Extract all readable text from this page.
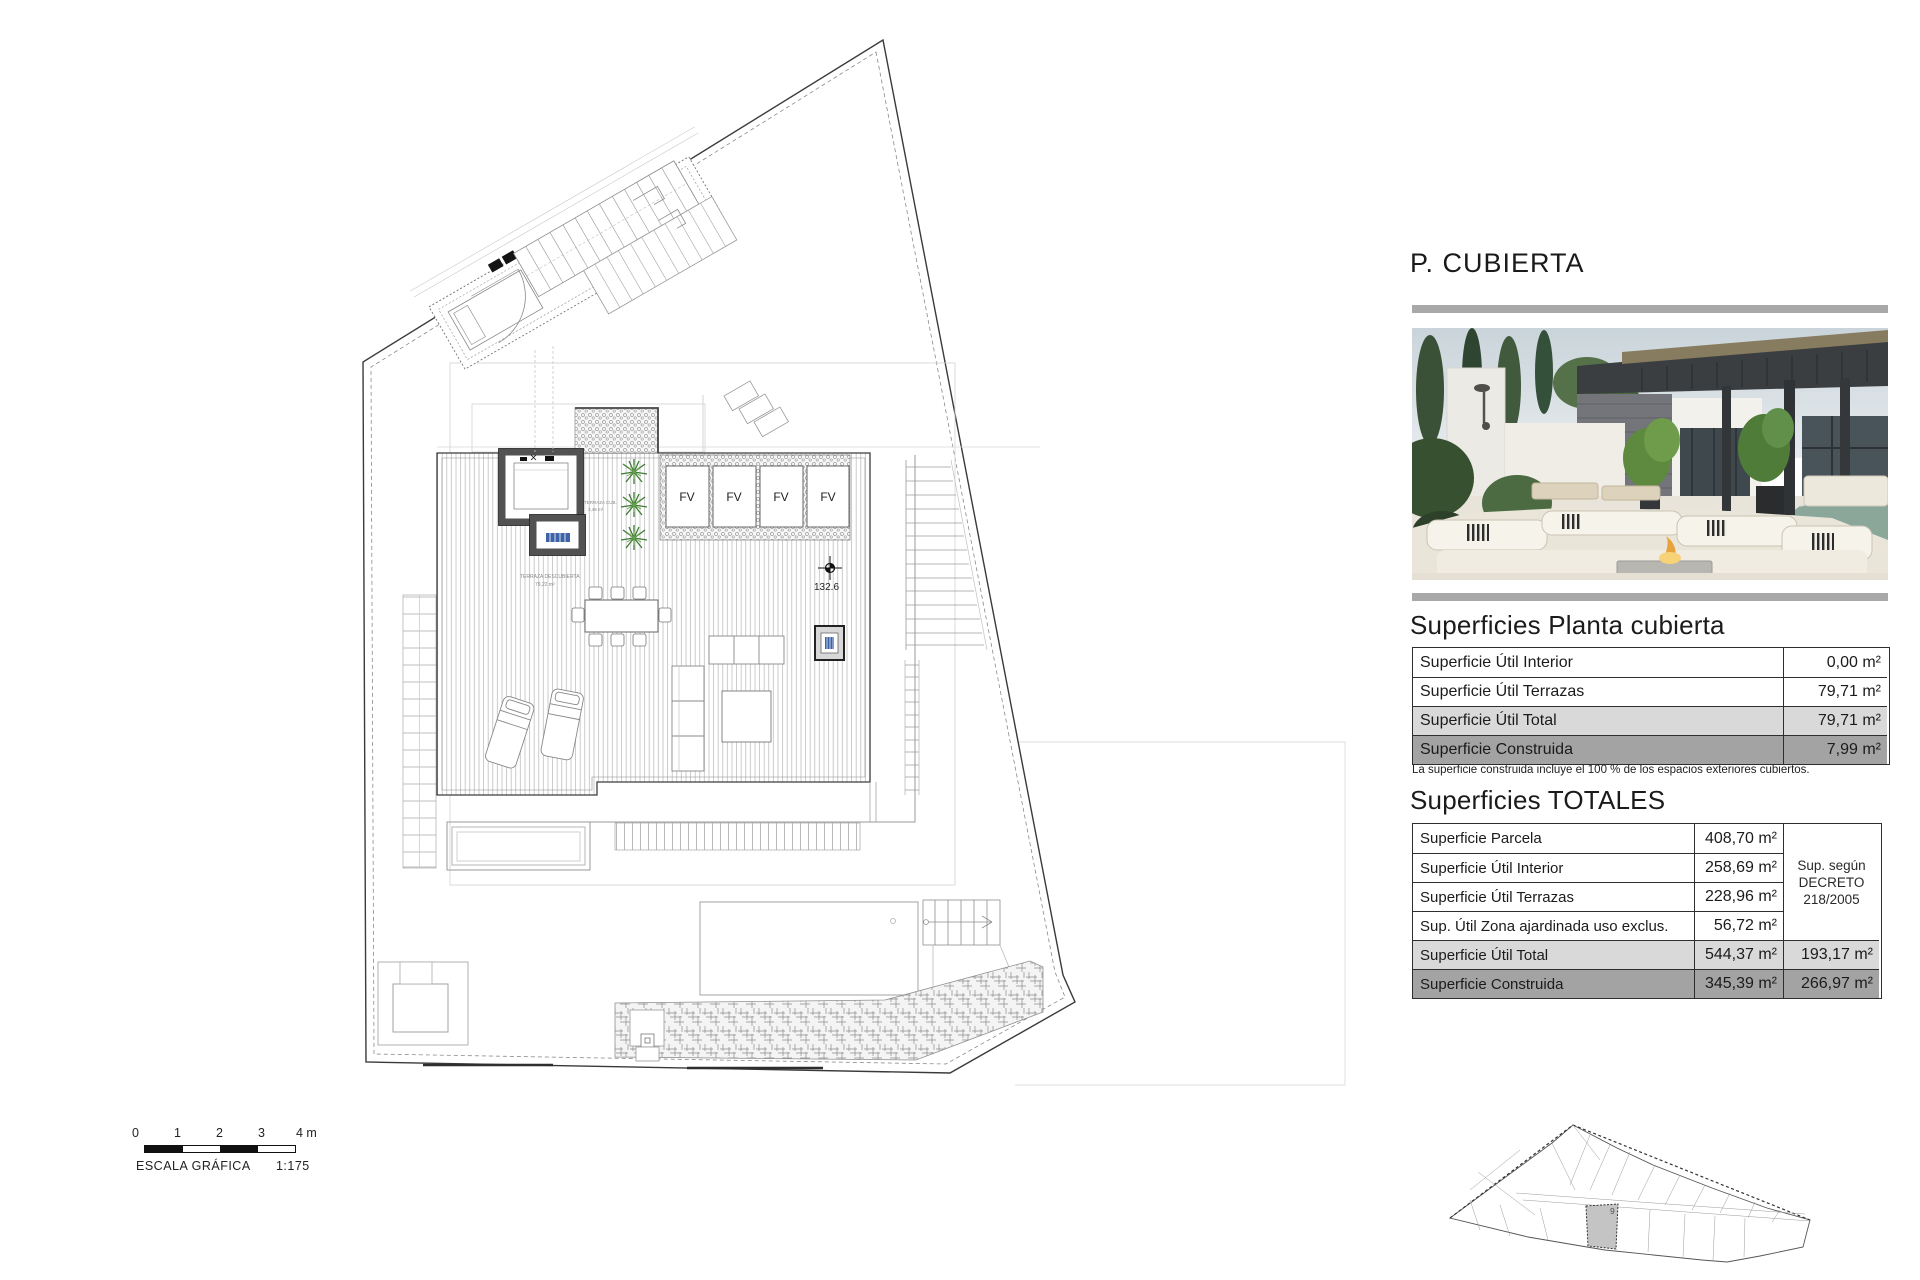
FV	FV	FV	FV
TERRAZA CUB.
3,49 m²
TERRAZA DESCUBIERTA
79,22 m²	132.6
0	1	2	3 4 m
ESCALA GRÁFICA 1:175
P. CUBIERTA
Superficies Planta cubierta
Superficie Útil Interior	0,00 m²
Superficie Útil Terrazas	79,71 m²
Superficie Útil Total	79,71 m²
Superficie Construida	7,99 m²
La superficie construida incluye el 100 % de los espacios exteriores cubiertos.
Superficies TOTALES
Sup. según
DECRETO
218/2005
Superficie Parcela	408,70 m²
Superficie Útil Interior	258,69 m²
Superficie Útil Terrazas	228,96 m²
Sup. Útil Zona ajardinada uso exclus.	56,72 m²
Superficie Útil Total	544,37 m²	193,17 m²
Superficie Construida	345,39 m²	266,97 m²
9
